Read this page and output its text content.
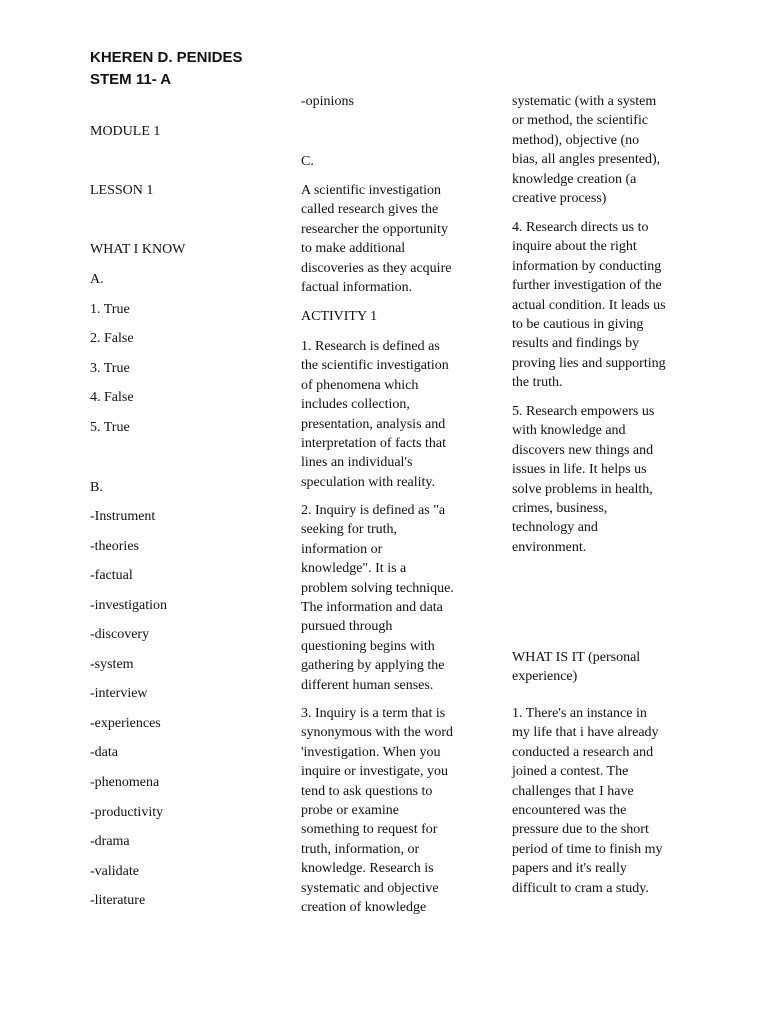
KHEREN D. PENIDES
STEM 11- A
MODULE 1
LESSON 1
WHAT I KNOW
A.
1. True
2. False
3. True
4. False
5. True
B.
-Instrument
-theories
-factual
-investigation
-discovery
-system
-interview
-experiences
-data
-phenomena
-productivity
-drama
-validate
-literature
-opinions
C.
A scientific investigation
called research gives the
researcher the opportunity
to make additional
discoveries as they acquire
factual information.
ACTIVITY 1
1. Research is defined as
the scientific investigation
of phenomena which
includes collection,
presentation, analysis and
interpretation of facts that
lines an individual's
speculation with reality.
2. Inquiry is defined as "a
seeking for truth,
information or
knowledge". It is a
problem solving technique.
The information and data
pursued through
questioning begins with
gathering by applying the
different human senses.
3. Inquiry is a term that is
synonymous with the word
'investigation. When you
inquire or investigate, you
tend to ask questions to
probe or examine
something to request for
truth, information, or
knowledge. Research is
systematic and objective
creation of knowledge
systematic (with a system
or method, the scientific
method), objective (no
bias, all angles presented),
knowledge creation (a
creative process)
4. Research directs us to
inquire about the right
information by conducting
further investigation of the
actual condition. It leads us
to be cautious in giving
results and findings by
proving lies and supporting
the truth.
5. Research empowers us
with knowledge and
discovers new things and
issues in life. It helps us
solve problems in health,
crimes, business,
technology and
environment.
WHAT IS IT (personal
experience)
1. There's an instance in
my life that i have already
conducted a research and
joined a contest. The
challenges that I have
encountered was the
pressure due to the short
period of time to finish my
papers and it's really
difficult to cram a study.
